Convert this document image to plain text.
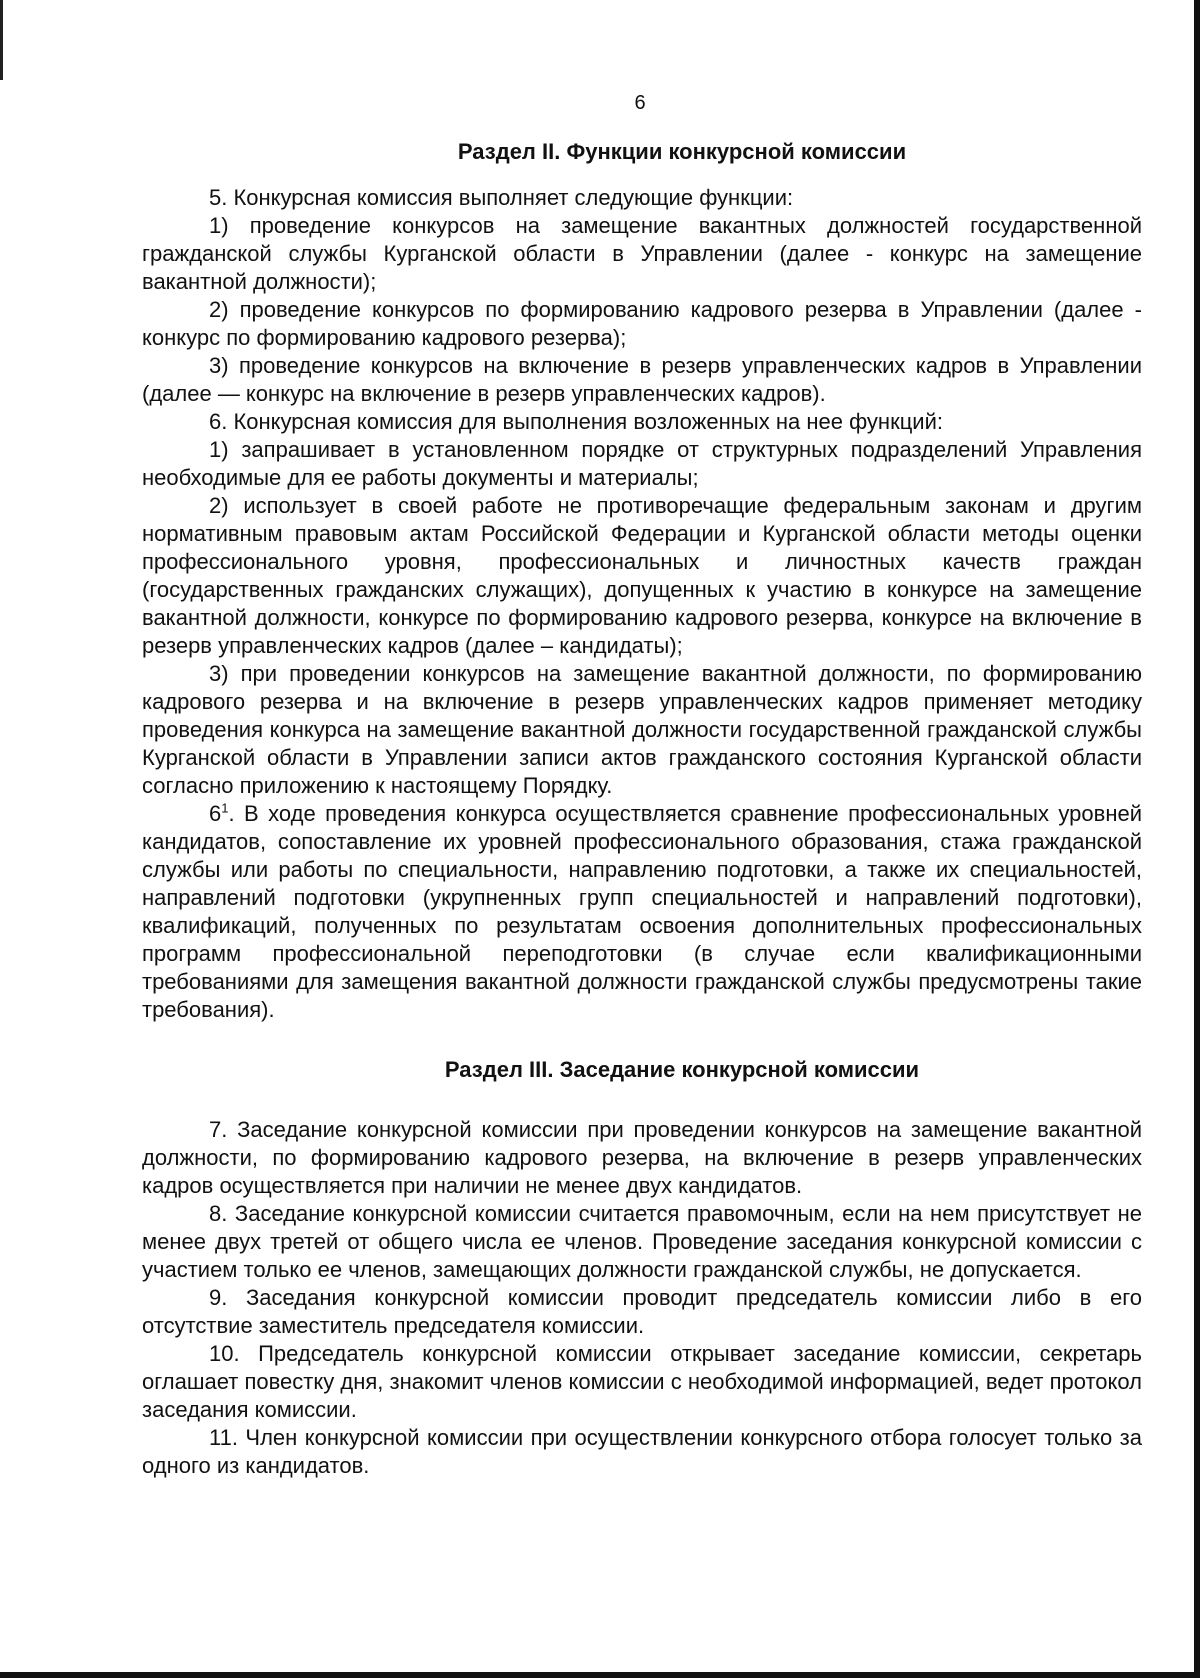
6
Раздел II. Функции конкурсной комиссии

5. Конкурсная комиссия выполняет следующие функции:

1) проведение конкурсов на замещение вакантных должностей государственной гражданской службы Курганской области в Управлении (далее - конкурс на замещение вакантной должности);

2) проведение конкурсов по формированию кадрового резерва в Управлении (далее - конкурс по формированию кадрового резерва);

3) проведение конкурсов на включение в резерв управленческих кадров в Управлении (далее — конкурс на включение в резерв управленческих кадров).

6. Конкурсная комиссия для выполнения возложенных на нее функций:

1) запрашивает в установленном порядке от структурных подразделений Управления необходимые для ее работы документы и материалы;

2) использует в своей работе не противоречащие федеральным законам и другим нормативным правовым актам Российской Федерации и Курганской области методы оценки профессионального уровня, профессиональных и личностных качеств граждан (государственных гражданских служащих), допущенных к участию в конкурсе на замещение вакантной должности, конкурсе по формированию кадрового резерва, конкурсе на включение в резерв управленческих кадров (далее – кандидаты);

3) при проведении конкурсов на замещение вакантной должности, по формированию кадрового резерва и на включение в резерв управленческих кадров применяет методику проведения конкурса на замещение вакантной должности государственной гражданской службы Курганской области в Управлении записи актов гражданского состояния Курганской области согласно приложению к настоящему Порядку.

$6^1$. В ходе проведения конкурса осуществляется сравнение профессиональных уровней кандидатов, сопоставление их уровней профессионального образования, стажа гражданской службы или работы по специальности, направлению подготовки, а также их специальностей, направлений подготовки (укрупненных групп специальностей и направлений подготовки), квалификаций, полученных по результатам освоения дополнительных профессиональных программ профессиональной переподготовки (в случае если квалификационными требованиями для замещения вакантной должности гражданской службы предусмотрены такие требования).

Раздел III. Заседание конкурсной комиссии

7. Заседание конкурсной комиссии при проведении конкурсов на замещение вакантной должности, по формированию кадрового резерва, на включение в резерв управленческих кадров осуществляется при наличии не менее двух кандидатов.

8. Заседание конкурсной комиссии считается правомочным, если на нем присутствует не менее двух третей от общего числа ее членов. Проведение заседания конкурсной комиссии с участием только ее членов, замещающих должности гражданской службы, не допускается.

9. Заседания конкурсной комиссии проводит председатель комиссии либо в его отсутствие заместитель председателя комиссии.

10. Председатель конкурсной комиссии открывает заседание комиссии, секретарь оглашает повестку дня, знакомит членов комиссии с необходимой информацией, ведет протокол заседания комиссии.

11. Член конкурсной комиссии при осуществлении конкурсного отбора голосует только за одного из кандидатов.
